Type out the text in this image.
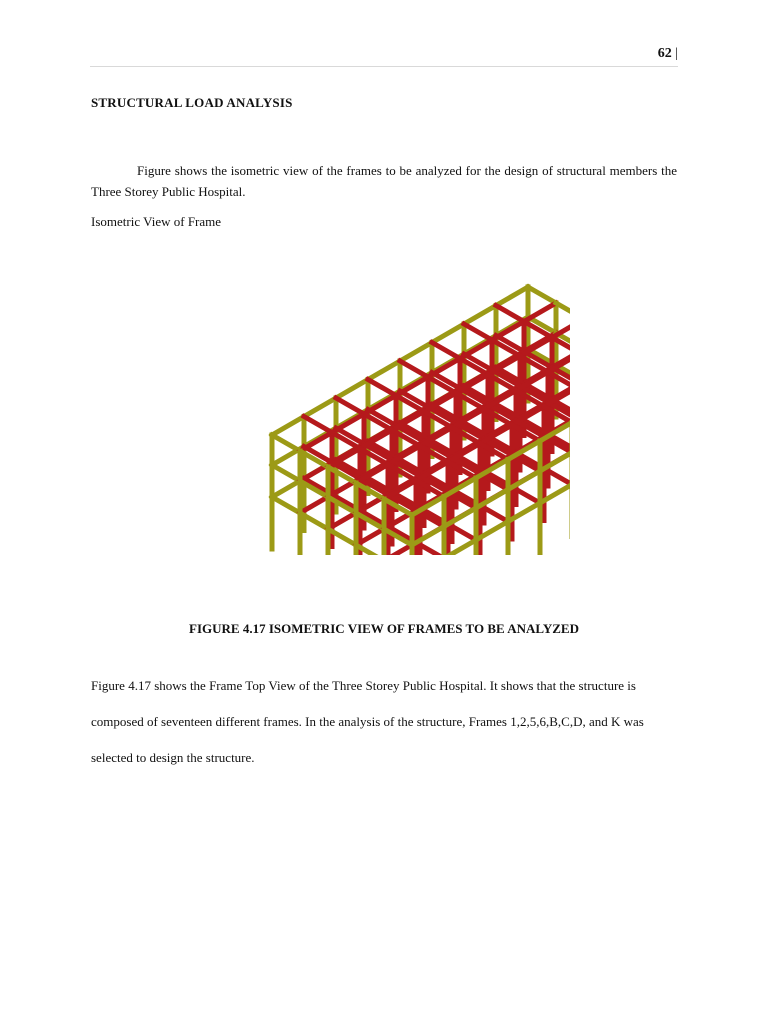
62 |
STRUCTURAL LOAD ANALYSIS

Figure shows the isometric view of the frames to be analyzed for the design of structural members the Three Storey Public Hospital.

Isometric View of Frame
FIGURE 4.17 ISOMETRIC VIEW OF FRAMES TO BE ANALYZED

Figure 4.17 shows the Frame Top View of the Three Storey Public Hospital. It shows that the structure is composed of seventeen different frames. In the analysis of the structure, Frames 1,2,5,6,B,C,D, and K was selected to design the structure.
